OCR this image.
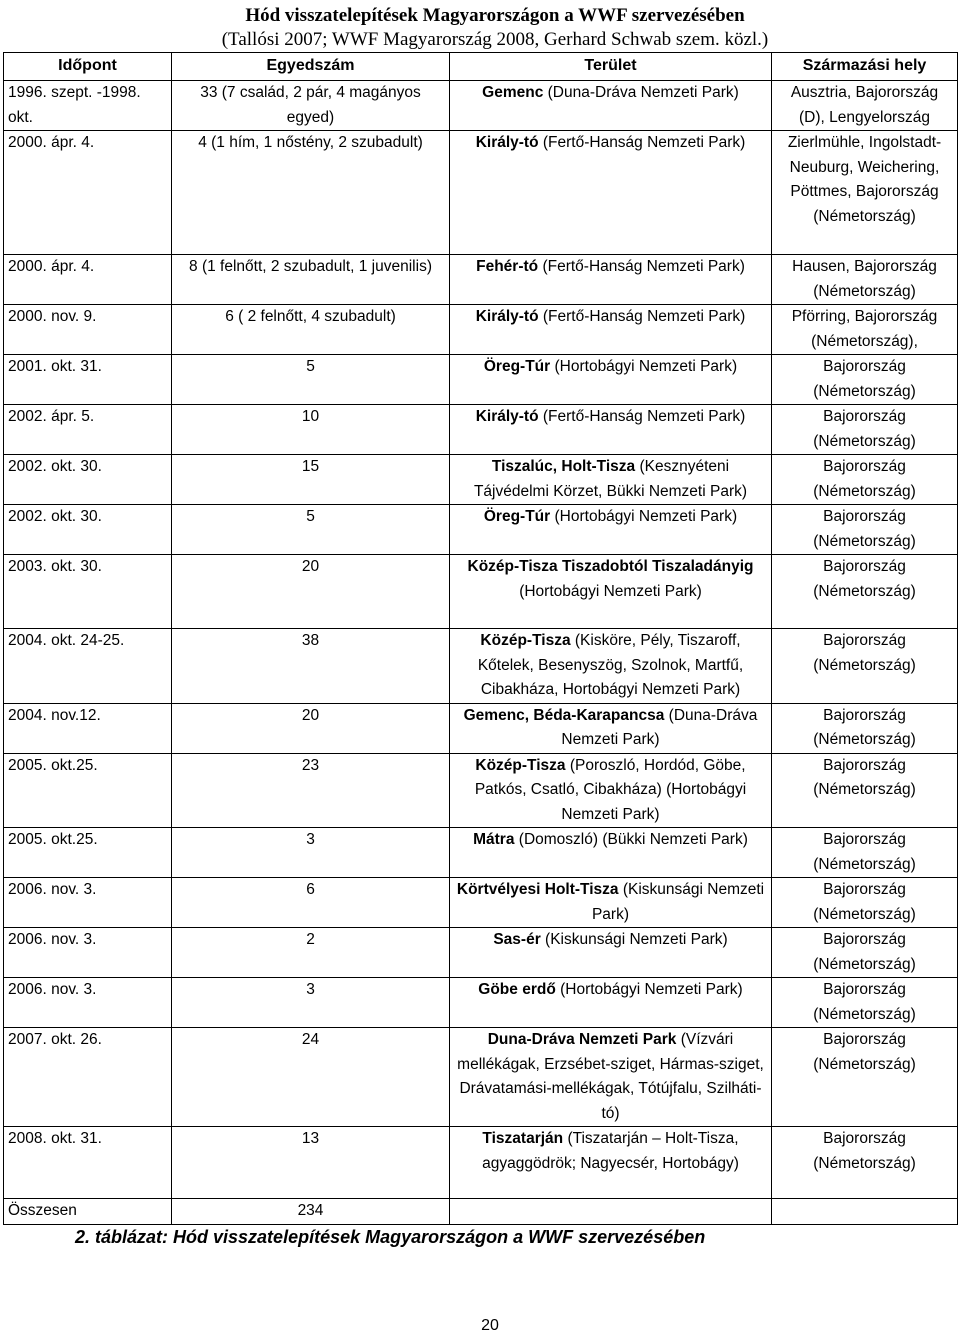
Hód visszatelepítések Magyarországon a WWF szervezésében
(Tallósi 2007; WWF Magyarország 2008, Gerhard Schwab szem. közl.)
Időpont	Egyedszám	Terület	Származási hely
1996. szept. -1998. okt.	33 (7 család, 2 pár, 4 magányos egyed)	Gemenc (Duna-Dráva Nemzeti Park)	Ausztria, Bajorország (D), Lengyelország
2000. ápr. 4.	4 (1 hím, 1 nőstény, 2 szubadult)	Király-tó (Fertő-Hanság Nemzeti Park)	Zierlmühle, Ingolstadt-Neuburg, Weichering, Pöttmes, Bajorország (Németország)
2000. ápr. 4.	8 (1 felnőtt, 2 szubadult, 1 juvenilis)	Fehér-tó (Fertő-Hanság Nemzeti Park)	Hausen, Bajorország (Németország)
2000. nov. 9.	6 ( 2 felnőtt, 4 szubadult)	Király-tó (Fertő-Hanság Nemzeti Park)	Pförring, Bajorország (Németország),
2001. okt. 31.	5	Öreg-Túr (Hortobágyi Nemzeti Park)	Bajorország (Németország)
2002. ápr. 5.	10	Király-tó (Fertő-Hanság Nemzeti Park)	Bajorország (Németország)
2002. okt. 30.	15	Tiszalúc, Holt-Tisza (Kesznyéteni Tájvédelmi Körzet, Bükki Nemzeti Park)	Bajorország (Németország)
2002. okt. 30.	5	Öreg-Túr (Hortobágyi Nemzeti Park)	Bajorország (Németország)
2003. okt. 30.	20	Közép-Tisza Tiszadobtól Tiszaladányig (Hortobágyi Nemzeti Park)	Bajorország (Németország)
2004. okt. 24-25.	38	Közép-Tisza (Kisköre, Pély, Tiszaroff, Kőtelek, Besenyszög, Szolnok, Martfű, Cibakháza, Hortobágyi Nemzeti Park)	Bajorország (Németország)
2004. nov.12.	20	Gemenc, Béda-Karapancsa (Duna-Dráva Nemzeti Park)	Bajorország (Németország)
2005. okt.25.	23	Közép-Tisza (Poroszló, Hordód, Göbe, Patkós, Csatló, Cibakháza) (Hortobágyi Nemzeti Park)	Bajorország (Németország)
2005. okt.25.	3	Mátra (Domoszló) (Bükki Nemzeti Park)	Bajorország (Németország)
2006. nov. 3.	6	Körtvélyesi Holt-Tisza (Kiskunsági Nemzeti Park)	Bajorország (Németország)
2006. nov. 3.	2	Sas-ér (Kiskunsági Nemzeti Park)	Bajorország (Németország)
2006. nov. 3.	3	Göbe erdő (Hortobágyi Nemzeti Park)	Bajorország (Németország)
2007. okt. 26.	24	Duna-Dráva Nemzeti Park (Vízvári mellékágak, Erzsébet-sziget, Hármas-sziget, Drávatamási-mellékágak, Tótújfalu, Szilháti-tó)	Bajorország (Németország)
2008. okt. 31.	13	Tiszatarján (Tiszatarján – Holt-Tisza, agyaggödrök; Nagyecsér, Hortobágy)	Bajorország (Németország)
Összesen	234		
2. táblázat: Hód visszatelepítések Magyarországon a WWF szervezésében
20
